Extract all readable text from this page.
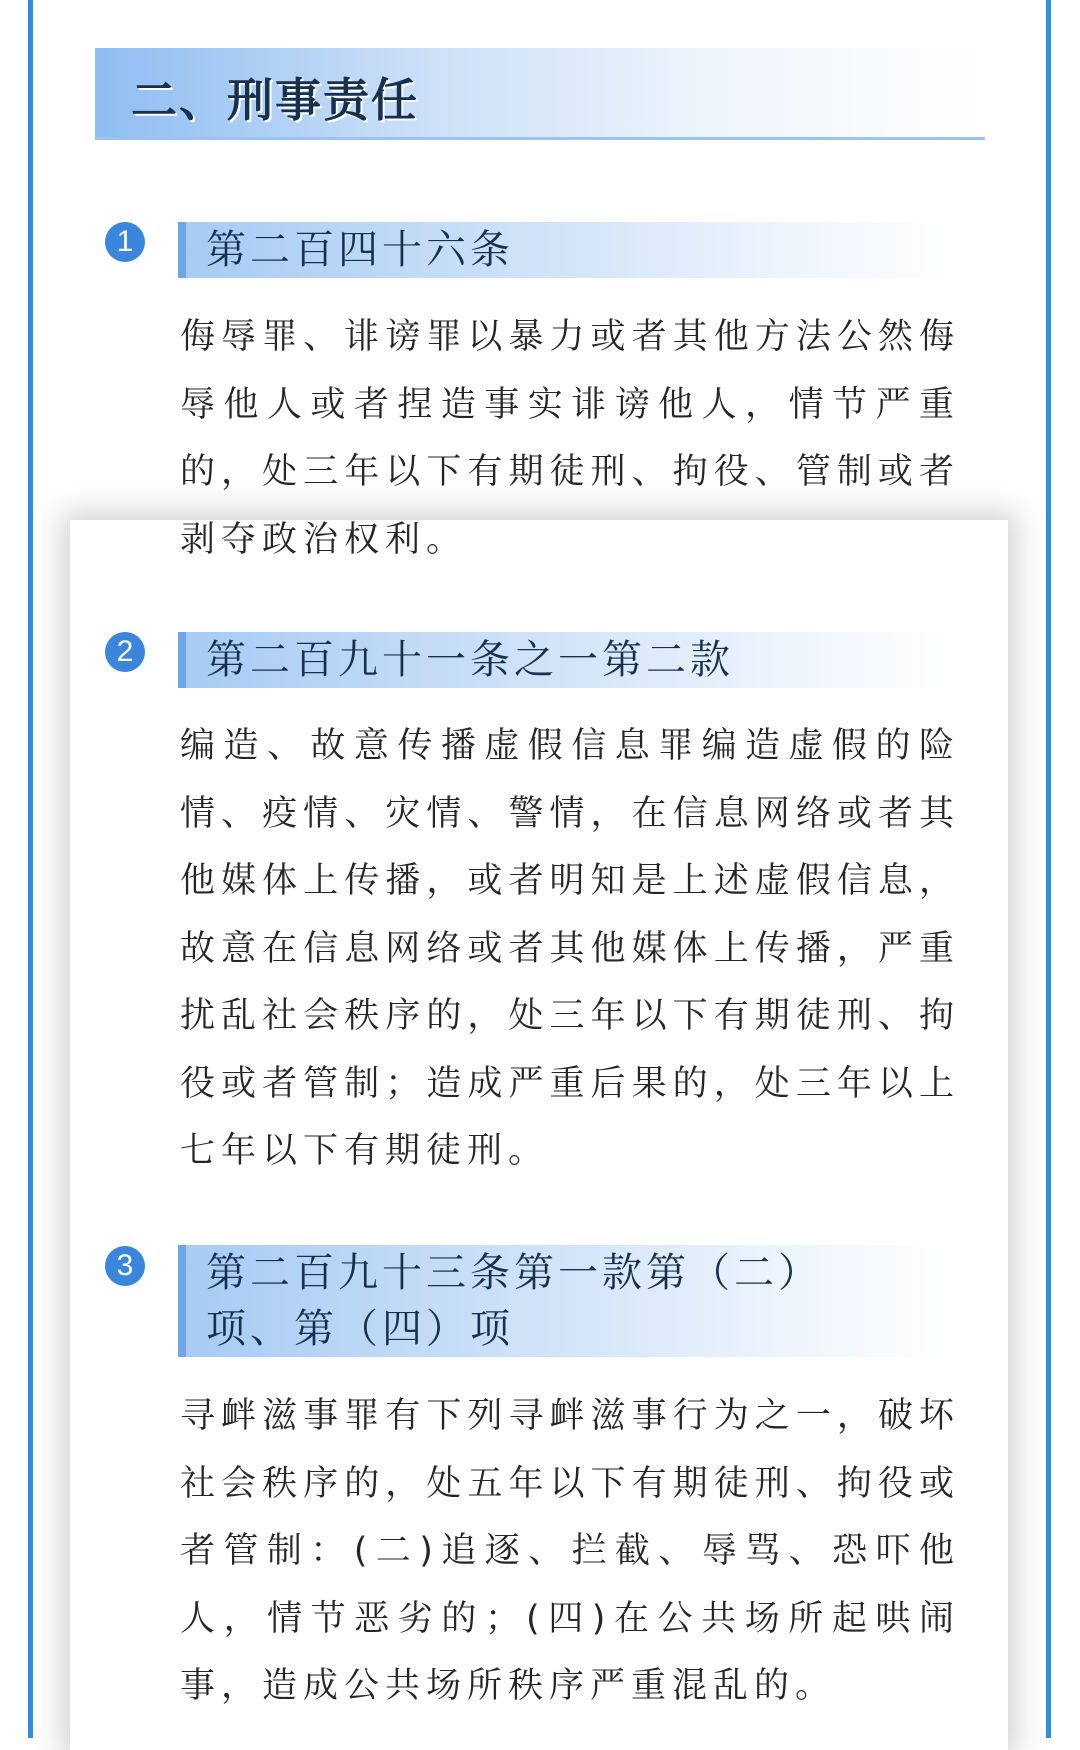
二、刑事责任
1	第二百四十六条
侮辱罪、诽谤罪以暴力或者其他方法公然侮辱他人或者捏造事实诽谤他人，情节严重的，处三年以下有期徒刑、拘役、管制或者剥夺政治权利。
2	第二百九十一条之一第二款
编造、故意传播虚假信息罪编造虚假的险情、疫情、灾情、警情，在信息网络或者其他媒体上传播，或者明知是上述虚假信息，故意在信息网络或者其他媒体上传播，严重扰乱社会秩序的，处三年以下有期徒刑、拘役或者管制；造成严重后果的，处三年以上七年以下有期徒刑。
3	第二百九十三条第一款第（二）项、第（四）项
寻衅滋事罪有下列寻衅滋事行为之一，破坏社会秩序的，处五年以下有期徒刑、拘役或者管制：(二)追逐、拦截、辱骂、恐吓他人，情节恶劣的；(四)在公共场所起哄闹事，造成公共场所秩序严重混乱的。
